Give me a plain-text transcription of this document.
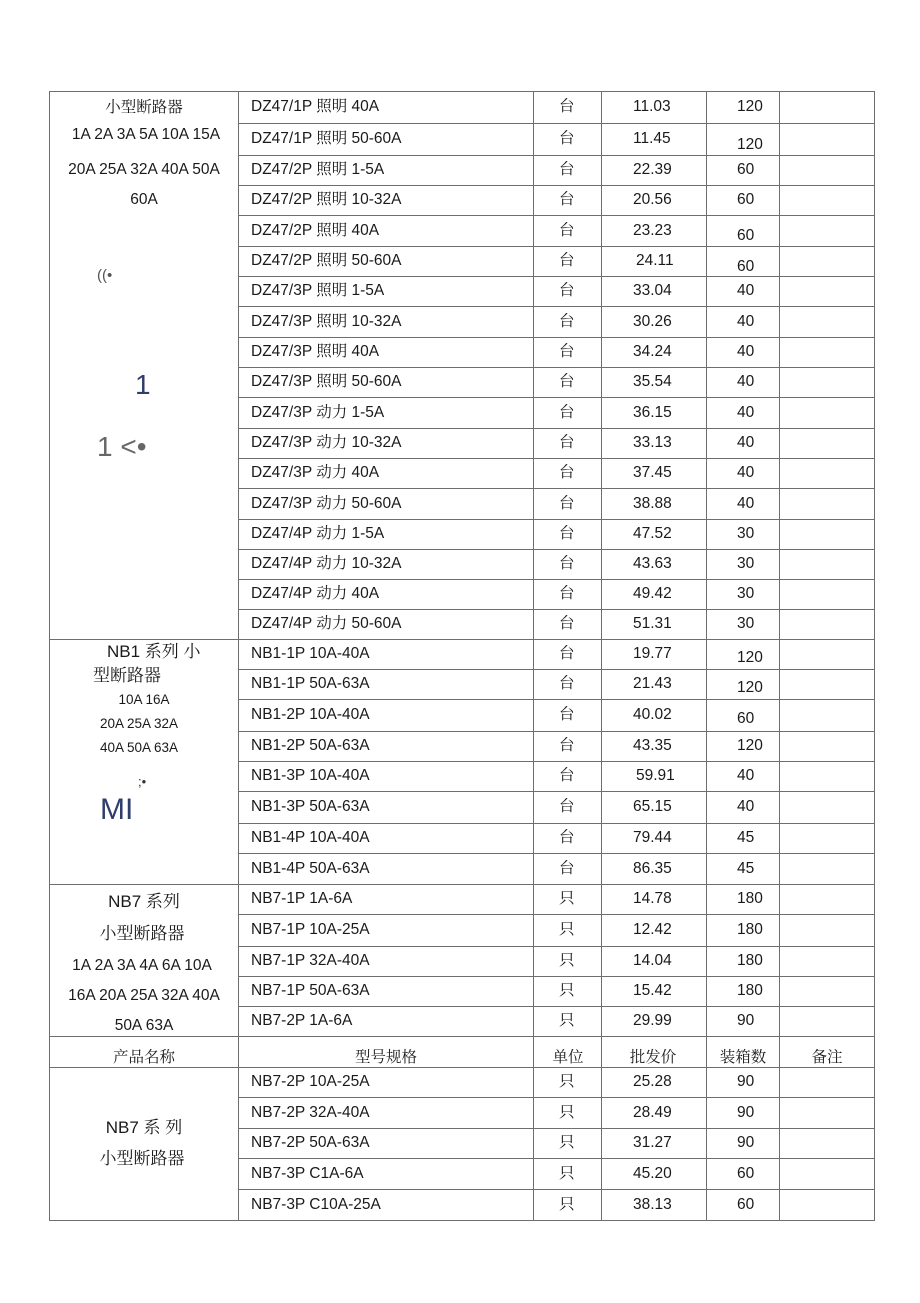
小型断路器
1A 2A 3A 5A 10A 15A
20A 25A 32A 40A 50A
60A
((•
1
1 <•
NB1 系列 小
型断路器
10A 16A
20A 25A 32A
40A 50A 63A
;•
MI
NB7 系列
小型断路器
1A 2A 3A 4A 6A 10A
16A 20A 25A 32A 40A
50A 63A
产品名称	型号规格	单位	批发价	装箱数	备注
NB7 系 列
小型断路器
DZ47/1P 照明 40A	台	11.03	120
DZ47/1P 照明 50-60A	台	11.45	120
DZ47/2P 照明 1-5A	台	22.39	60
DZ47/2P 照明 10-32A	台	20.56	60
DZ47/2P 照明 40A	台	23.23	60
DZ47/2P 照明 50-60A	台	24.11	60
DZ47/3P 照明 1-5A	台	33.04	40
DZ47/3P 照明 10-32A	台	30.26	40
DZ47/3P 照明 40A	台	34.24	40
DZ47/3P 照明 50-60A	台	35.54	40
DZ47/3P 动力 1-5A	台	36.15	40
DZ47/3P 动力 10-32A	台	33.13	40
DZ47/3P 动力 40A	台	37.45	40
DZ47/3P 动力 50-60A	台	38.88	40
DZ47/4P 动力 1-5A	台	47.52	30
DZ47/4P 动力 10-32A	台	43.63	30
DZ47/4P 动力 40A	台	49.42	30
DZ47/4P 动力 50-60A	台	51.31	30
NB1-1P 10A-40A	台	19.77	120
NB1-1P 50A-63A	台	21.43	120
NB1-2P 10A-40A	台	40.02	60
NB1-2P 50A-63A	台	43.35	120
NB1-3P 10A-40A	台	59.91	40
NB1-3P 50A-63A	台	65.15	40
NB1-4P 10A-40A	台	79.44	45
NB1-4P 50A-63A	台	86.35	45
NB7-1P 1A-6A	只	14.78	180
NB7-1P 10A-25A	只	12.42	180
NB7-1P 32A-40A	只	14.04	180
NB7-1P 50A-63A	只	15.42	180
NB7-2P 1A-6A	只	29.99	90
NB7-2P 10A-25A	只	25.28	90
NB7-2P 32A-40A	只	28.49	90
NB7-2P 50A-63A	只	31.27	90
NB7-3P C1A-6A	只	45.20	60
NB7-3P C10A-25A	只	38.13	60
